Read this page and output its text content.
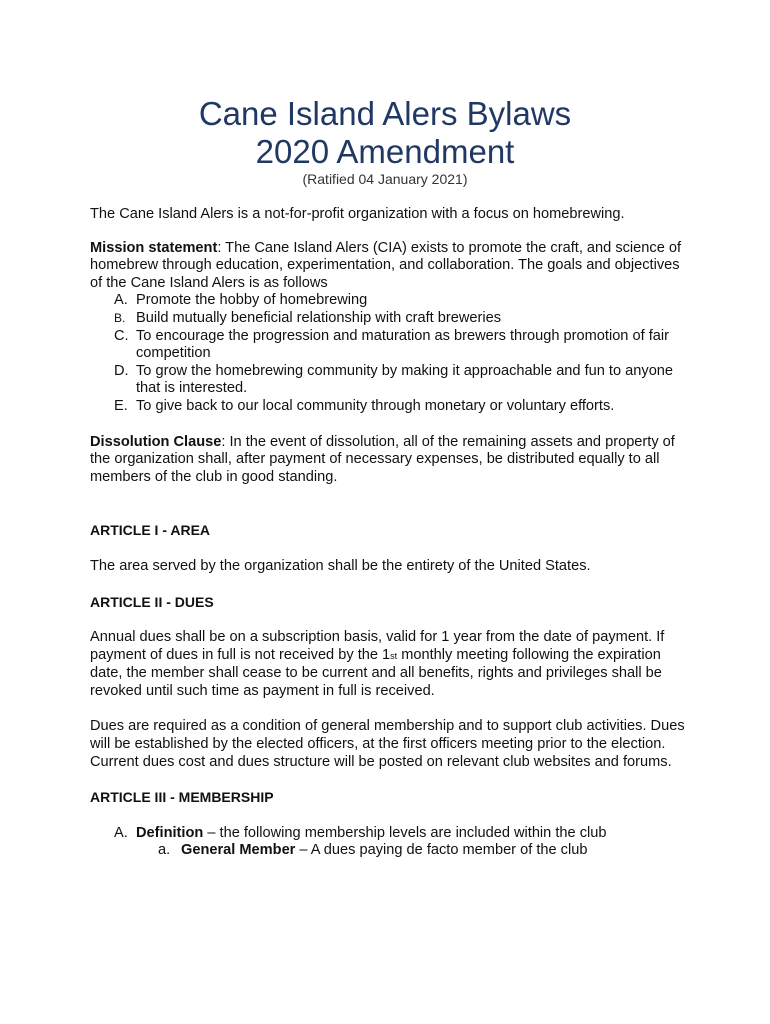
Cane Island Alers Bylaws
2020 Amendment
(Ratified 04 January 2021)

The Cane Island Alers is a not-for-profit organization with a focus on homebrewing.

Mission statement: The Cane Island Alers (CIA) exists to promote the craft, and science of homebrew through education, experimentation, and collaboration. The goals and objectives of the Cane Island Alers is as follows

A. Promote the hobby of homebrewing
B. Build mutually beneficial relationship with craft breweries
C. To encourage the progression and maturation as brewers through promotion of fair competition
D. To grow the homebrewing community by making it approachable and fun to anyone that is interested.
E. To give back to our local community through monetary or voluntary efforts.

Dissolution Clause: In the event of dissolution, all of the remaining assets and property of the organization shall, after payment of necessary expenses, be distributed equally to all members of the club in good standing.

ARTICLE I - AREA

The area served by the organization shall be the entirety of the United States.

ARTICLE II - DUES

Annual dues shall be on a subscription basis, valid for 1 year from the date of payment. If payment of dues in full is not received by the 1st monthly meeting following the expiration date, the member shall cease to be current and all benefits, rights and privileges shall be revoked until such time as payment in full is received.

Dues are required as a condition of general membership and to support club activities. Dues will be established by the elected officers, at the first officers meeting prior to the election. Current dues cost and dues structure will be posted on relevant club websites and forums.

ARTICLE III - MEMBERSHIP

A. Definition – the following membership levels are included within the club
a. General Member – A dues paying de facto member of the club
